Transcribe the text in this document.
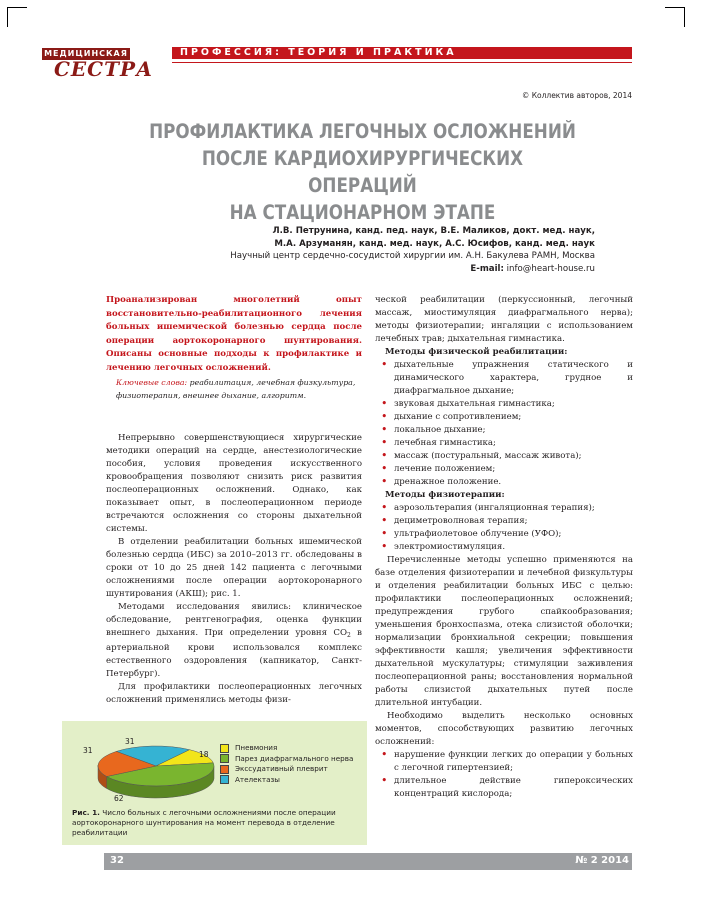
МЕДИЦИНСКАЯ
СЕСТРА
ПРОФЕССИЯ: ТЕОРИЯ И ПРАКТИКА
© Коллектив авторов, 2014
ПРОФИЛАКТИКА ЛЕГОЧНЫХ ОСЛОЖНЕНИЙ
ПОСЛЕ КАРДИОХИРУРГИЧЕСКИХ ОПЕРАЦИЙ
НА СТАЦИОНАРНОМ ЭТАПЕ
Л.В. Петрунина, канд. пед. наук, В.Е. Маликов, докт. мед. наук,
М.А. Арзуманян, канд. мед. наук, А.С. Юсифов, канд. мед. наук
Научный центр сердечно-сосудистой хирургии им. А.Н. Бакулева РАМН, Москва
E-mail: info@heart-house.ru
Проанализирован многолетний опыт восстановительно-реабилитационного лечения больных ишемической болезнью сердца после операции аортокоронарного шунтирования. Описаны основные подходы к профилактике и лечению легочных осложнений.
Ключевые слова: реабилитация, лечебная физкультура, физиотерапия, внешнее дыхание, алгоритм.

Непрерывно совершенствующиеся хирургические методики операций на сердце, анестезиологические пособия, условия проведения искусственного кровообращения позволяют снизить риск развития послеоперационных осложнений. Однако, как показывает опыт, в послеоперационном периоде встречаются осложнения со стороны дыхательной системы.

В отделении реабилитации больных ишемической болезнью сердца (ИБС) за 2010–2013 гг. обследованы в сроки от 10 до 25 дней 142 пациента с легочными осложнениями после операции аортокоронарного шунтирования (АКШ); рис. 1.

Методами исследования явились: клиническое обследование, рентгенография, оценка функции внешнего дыхания. При определении уровня $CO_2$ в артериальной крови использовался комплекс естественного оздоровления (капникатор, Санкт-Петербург).

Для профилактики послеоперационных легочных осложнений применялись методы физи-

ческой реабилитации (перкуссионный, легочный массаж, миостимуляция диафрагмального нерва); методы физиотерапии; ингаляции с использованием лечебных трав; дыхательная гимнастика.

Методы физической реабилитации:

• дыхательные упражнения статического и динамического характера, грудное и диафрагмальное дыхание;
• звуковая дыхательная гимнастика;
• дыхание с сопротивлением;
• локальное дыхание;
• лечебная гимнастика;
• массаж (постуральный, массаж живота);
• лечение положением;
• дренажное положение.

Методы физиотерапии:

• аэрозольтерапия (ингаляционная терапия);
• дециметроволновая терапия;
• ультрафиолетовое облучение (УФО);
• электромиостимуляция.

Перечисленные методы успешно применяются на базе отделения физиотерапии и лечебной физкультуры и отделения реабилитации больных ИБС с целью: профилактики послеоперационных осложнений; предупреждения грубого спайкообразования; уменьшения бронхоспазма, отека слизистой оболочки; нормализации бронхиальной секреции; повышения эффективности кашля; увеличения эффективности дыхательной мускулатуры; стимуляции заживления послеоперационной раны; восстановления нормальной работы слизистой дыхательных путей после длительной интубации.

Необходимо выделить несколько основных моментов, способствующих развитию легочных осложнений:

• нарушение функции легких до операции у больных с легочной гипертензией;
• длительное действие гипероксических концентраций кислорода;
31
18
31
62
Пневмония
Парез диафрагмального нерва
Экссудативный плеврит
Ателектазы
Рис. 1. Число больных с легочными осложнениями после операции аортокоронарного шунтирования на момент перевода в отделение реабилитации
32	№ 2 2014
